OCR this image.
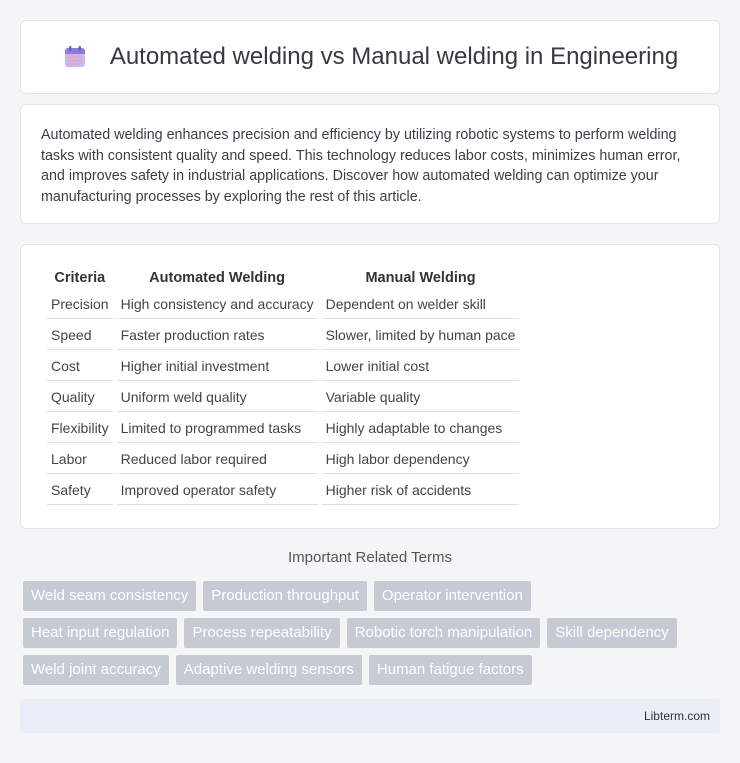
Automated welding vs Manual welding in Engineering

Automated welding enhances precision and efficiency by utilizing robotic systems to perform welding tasks with consistent quality and speed. This technology reduces labor costs, minimizes human error, and improves safety in industrial applications. Discover how automated welding can optimize your manufacturing processes by exploring the rest of this article.

Criteria	Automated Welding	Manual Welding
Precision	High consistency and accuracy	Dependent on welder skill
Speed	Faster production rates	Slower, limited by human pace
Cost	Higher initial investment	Lower initial cost
Quality	Uniform weld quality	Variable quality
Flexibility	Limited to programmed tasks	Highly adaptable to changes
Labor	Reduced labor required	High labor dependency
Safety	Improved operator safety	Higher risk of accidents
Important Related Terms
Weld seam consistency	Production throughput	Operator intervention
Heat input regulation	Process repeatability	Robotic torch manipulation	Skill dependency
Weld joint accuracy	Adaptive welding sensors	Human fatigue factors
Libterm.com
